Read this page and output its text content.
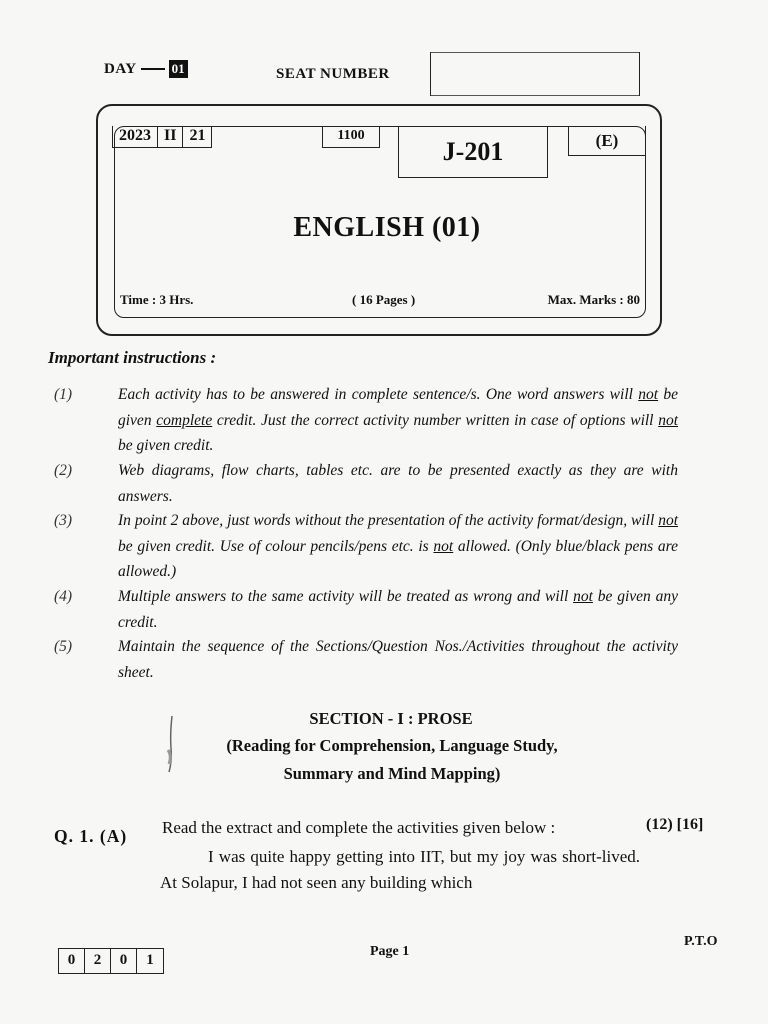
DAY	01	SEAT NUMBER
2023 II 21	1100
J-201	(E)
ENGLISH (01)
Time : 3 Hrs.	( 16 Pages )	Max. Marks : 80
Important instructions :
(1)	Each activity has to be answered in complete sentence/s. One word answers will not be given complete credit. Just the correct activity number written in case of options will not be given credit.
(2)	Web diagrams, flow charts, tables etc. are to be presented exactly as they are with answers.
(3)	In point 2 above, just words without the presentation of the activity format/design, will not be given credit. Use of colour pencils/pens etc. is not allowed. (Only blue/black pens are allowed.)
(4)	Multiple answers to the same activity will be treated as wrong and will not be given any credit.
(5)	Maintain the sequence of the Sections/Question Nos./Activities throughout the activity sheet.
SECTION - I : PROSE
(Reading for Comprehension, Language Study,
Summary and Mind Mapping)
Q. 1. (A) Read the extract and complete the activities given below :	(12) [16]

I was quite happy getting into IIT, but my joy was short-lived. At Solapur, I had not seen any building which

0	2	0	1
Page 1
P.T.O
